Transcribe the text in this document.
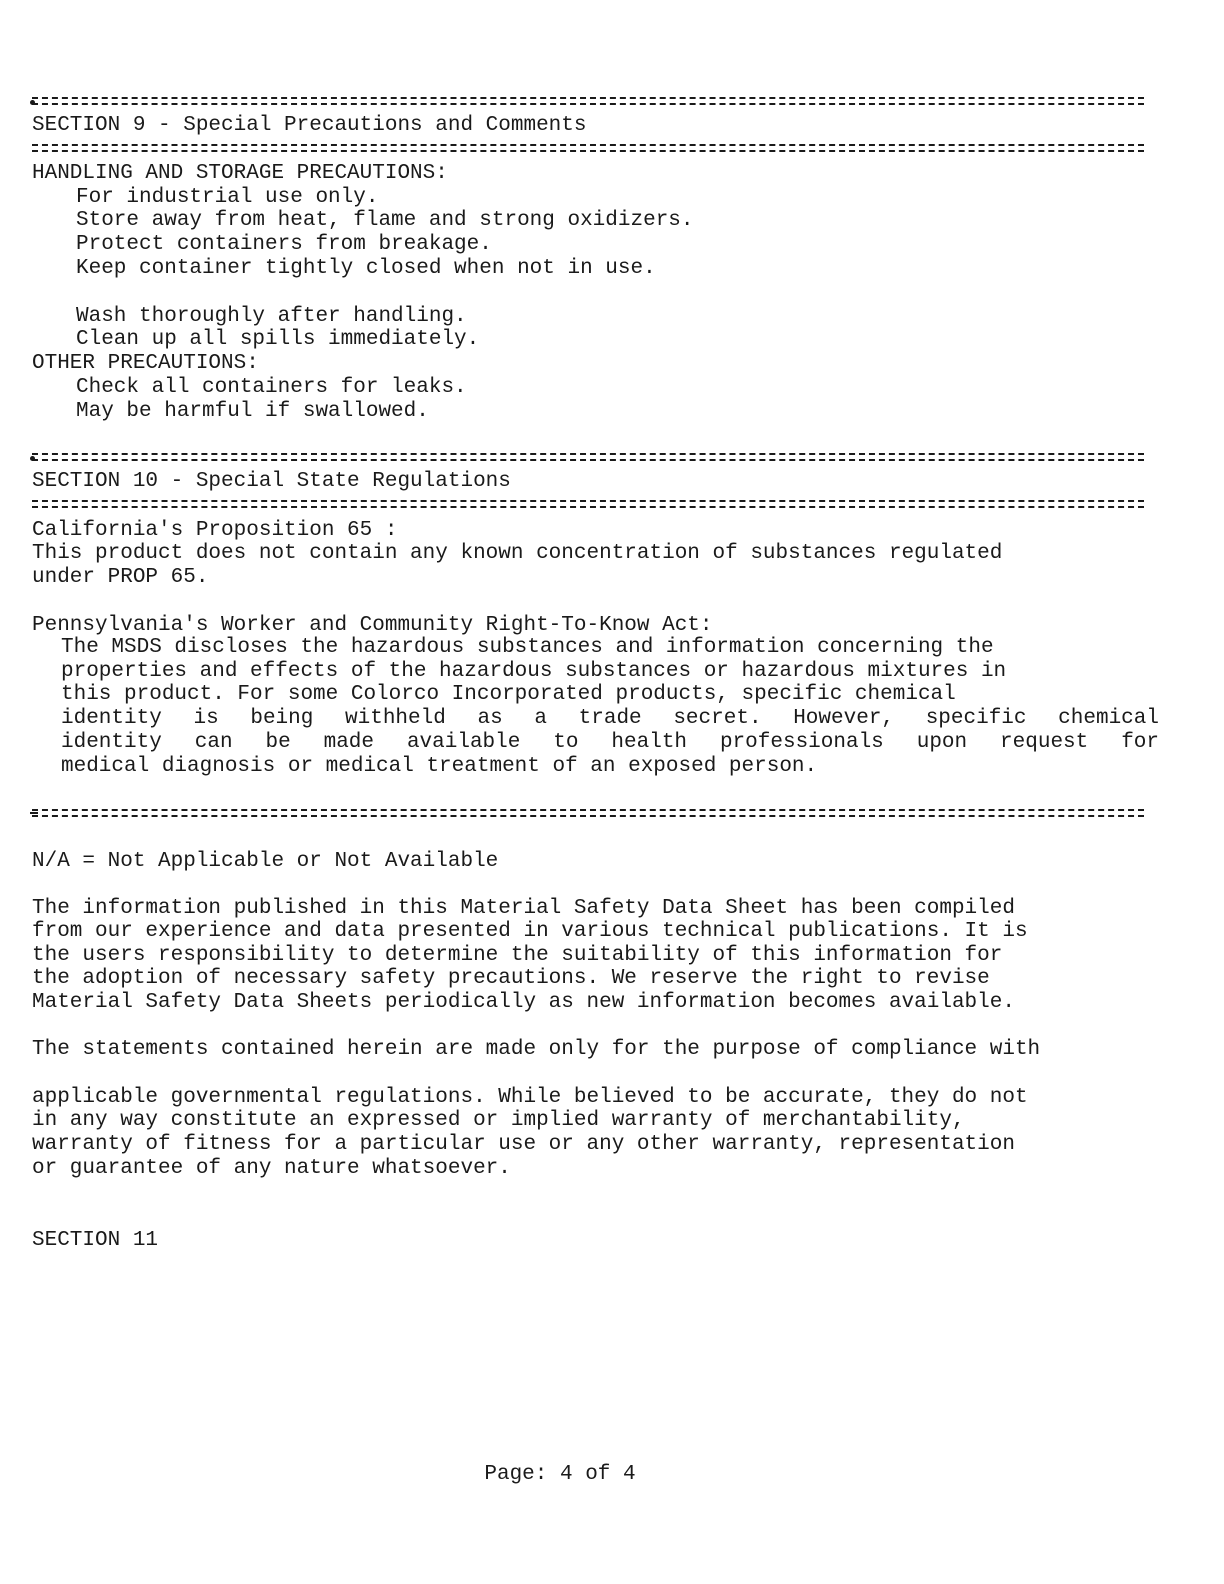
SECTION 9 - Special Precautions and Comments
HANDLING AND STORAGE PRECAUTIONS:
For industrial use only.
Store away from heat, flame and strong oxidizers.
Protect containers from breakage.
Keep container tightly closed when not in use.
Wash thoroughly after handling.
Clean up all spills immediately.
OTHER PRECAUTIONS:
Check all containers for leaks.
May be harmful if swallowed.
SECTION 10 - Special State Regulations
California's Proposition 65 :
This product does not contain any known concentration of substances regulated
under PROP 65.
Pennsylvania's Worker and Community Right-To-Know Act:
The MSDS discloses the hazardous substances and information concerning the
properties and effects of the hazardous substances or hazardous mixtures in
this product. For some Colorco Incorporated products, specific chemical
identity is being withheld as a trade secret. However, specific chemical
identity can be made available to health professionals upon request for
medical diagnosis or medical treatment of an exposed person.
N/A = Not Applicable or Not Available
The information published in this Material Safety Data Sheet has been compiled
from our experience and data presented in various technical publications. It is
the users responsibility to determine the suitability of this information for
the adoption of necessary safety precautions. We reserve the right to revise
Material Safety Data Sheets periodically as new information becomes available.
The statements contained herein are made only for the purpose of compliance with
applicable governmental regulations. While believed to be accurate, they do not
in any way constitute an expressed or implied warranty of merchantability,
warranty of fitness for a particular use or any other warranty, representation
or guarantee of any nature whatsoever.
SECTION 11
Page: 4 of 4
